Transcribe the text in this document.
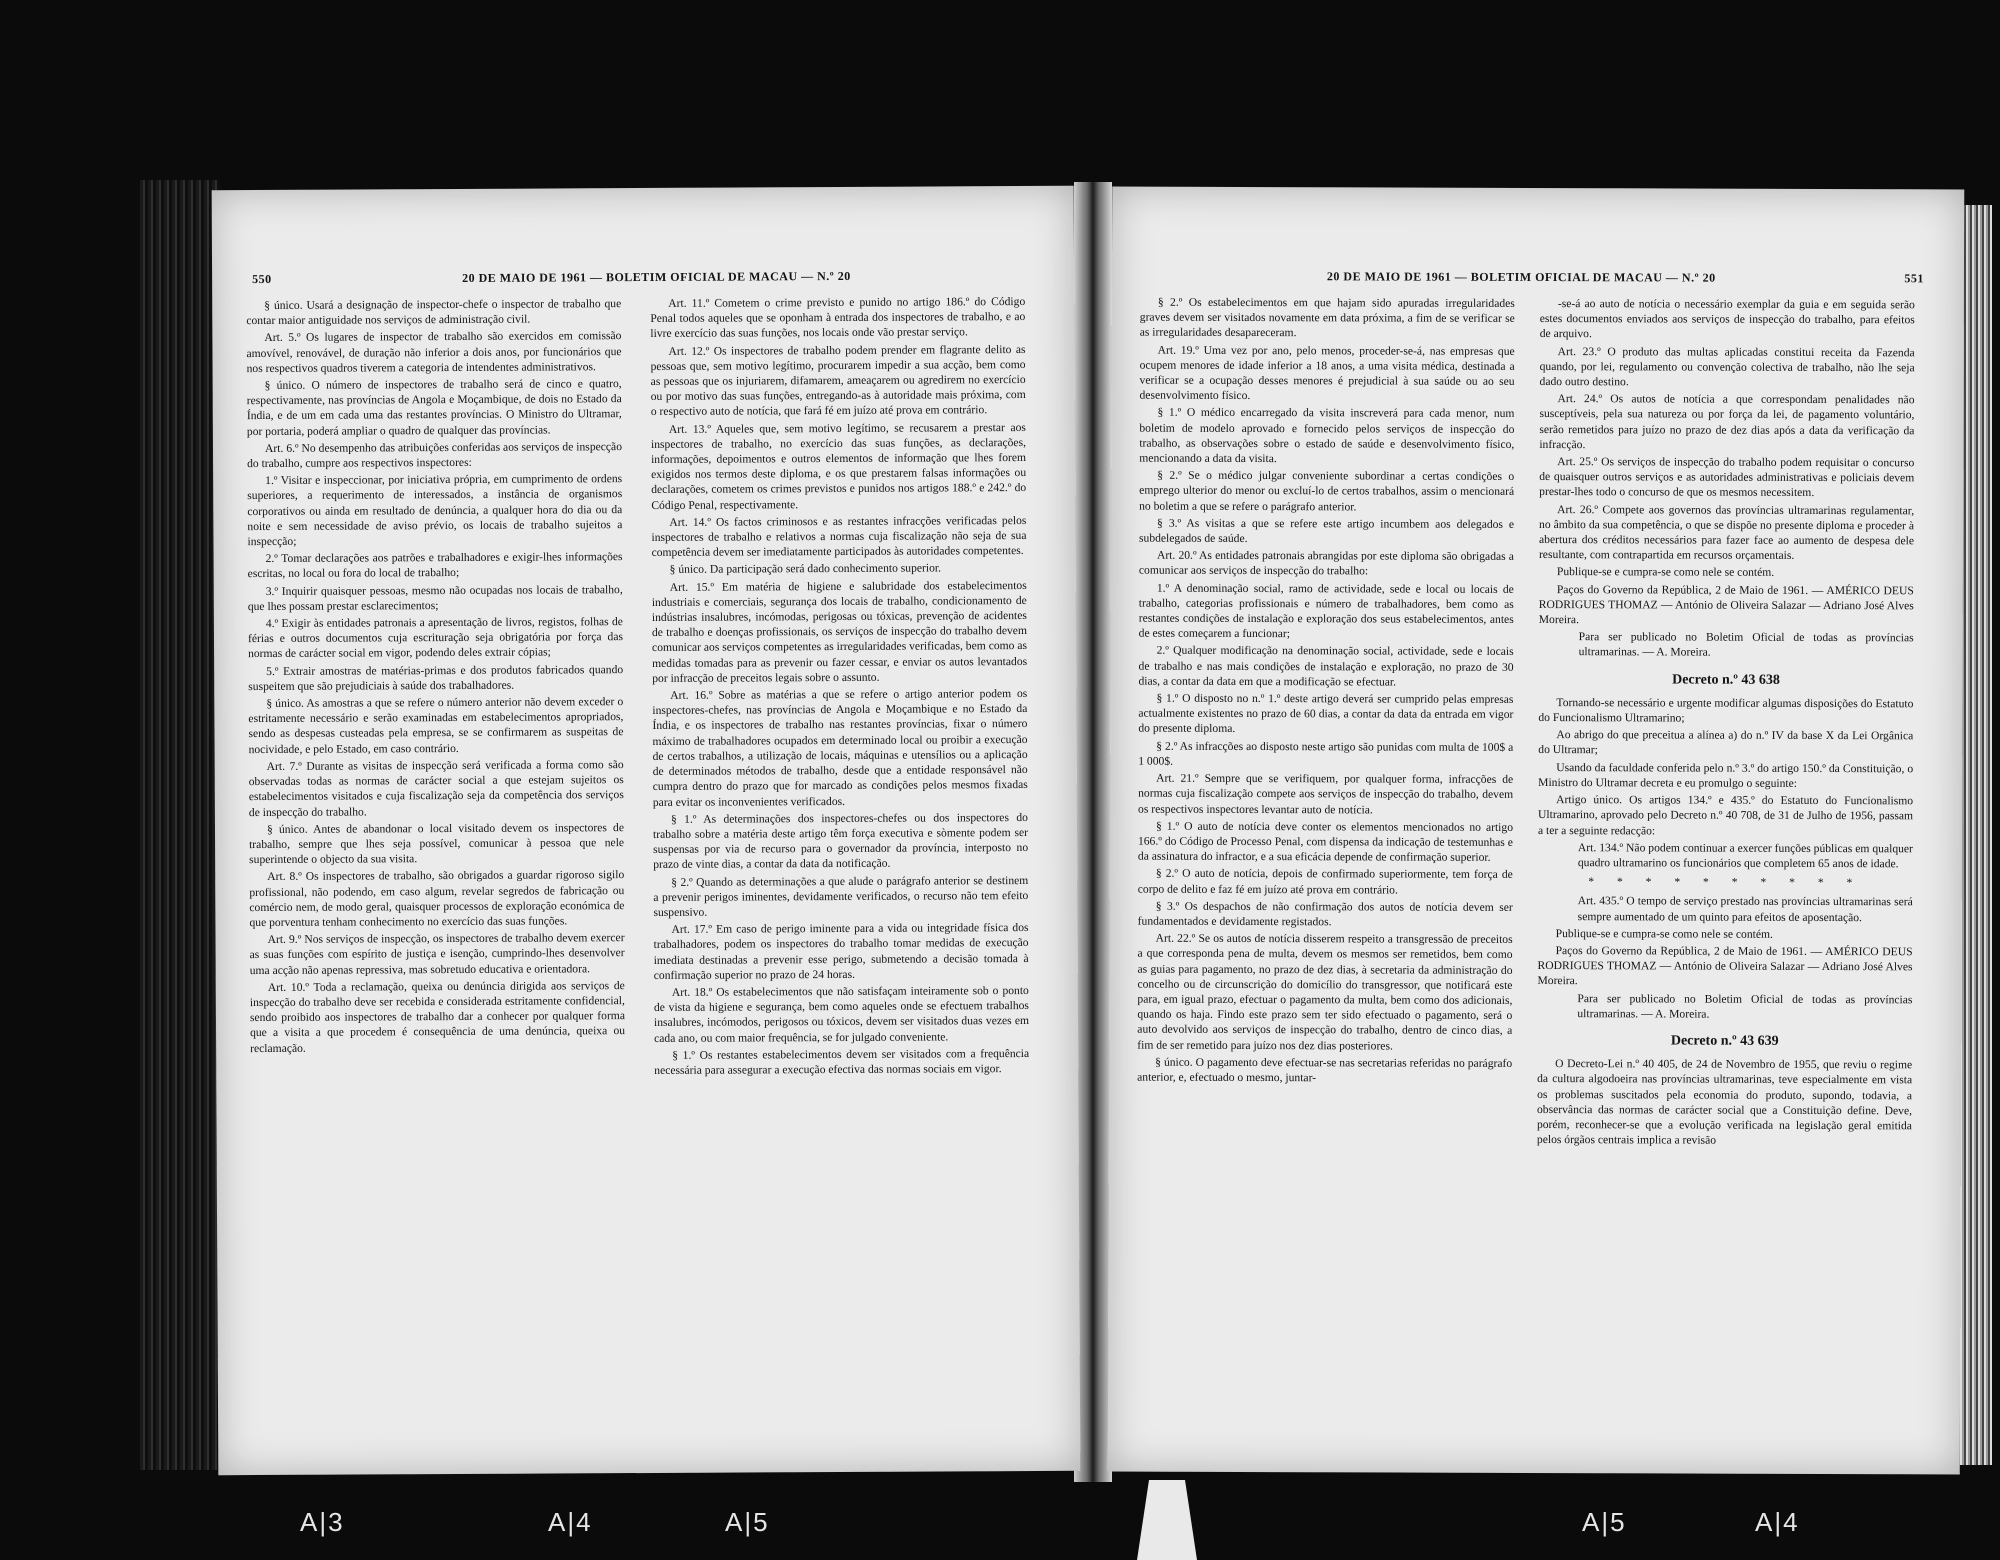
550	20 DE MAIO DE 1961 — BOLETIM OFICIAL DE MACAU — N.º 20

§ único. Usará a designação de inspector-chefe o inspector de trabalho que contar maior antiguidade nos serviços de administração civil.

Art. 5.º Os lugares de inspector de trabalho são exercidos em comissão amovível, renovável, de duração não inferior a dois anos, por funcionários que nos respectivos quadros tiverem a categoria de intendentes administrativos.

§ único. O número de inspectores de trabalho será de cinco e quatro, respectivamente, nas províncias de Angola e Moçambique, de dois no Estado da Índia, e de um em cada uma das restantes províncias. O Ministro do Ultramar, por portaria, poderá ampliar o quadro de qualquer das províncias.

Art. 6.º No desempenho das atribuições conferidas aos serviços de inspecção do trabalho, cumpre aos respectivos inspectores:

1.º Visitar e inspeccionar, por iniciativa própria, em cumprimento de ordens superiores, a requerimento de interessados, a instância de organismos corporativos ou ainda em resultado de denúncia, a qualquer hora do dia ou da noite e sem necessidade de aviso prévio, os locais de trabalho sujeitos a inspecção;

2.º Tomar declarações aos patrões e trabalhadores e exigir-lhes informações escritas, no local ou fora do local de trabalho;

3.º Inquirir quaisquer pessoas, mesmo não ocupadas nos locais de trabalho, que lhes possam prestar esclarecimentos;

4.º Exigir às entidades patronais a apresentação de livros, registos, folhas de férias e outros documentos cuja escrituração seja obrigatória por força das normas de carácter social em vigor, podendo deles extrair cópias;

5.º Extrair amostras de matérias-primas e dos produtos fabricados quando suspeitem que são prejudiciais à saúde dos trabalhadores.

§ único. As amostras a que se refere o número anterior não devem exceder o estritamente necessário e serão examinadas em estabelecimentos apropriados, sendo as despesas custeadas pela empresa, se se confirmarem as suspeitas de nocividade, e pelo Estado, em caso contrário.

Art. 7.º Durante as visitas de inspecção será verificada a forma como são observadas todas as normas de carácter social a que estejam sujeitos os estabelecimentos visitados e cuja fiscalização seja da competência dos serviços de inspecção do trabalho.

§ único. Antes de abandonar o local visitado devem os inspectores de trabalho, sempre que lhes seja possível, comunicar à pessoa que nele superintende o objecto da sua visita.

Art. 8.º Os inspectores de trabalho, são obrigados a guardar rigoroso sigilo profissional, não podendo, em caso algum, revelar segredos de fabricação ou comércio nem, de modo geral, quaisquer processos de exploração económica de que porventura tenham conhecimento no exercício das suas funções.

Art. 9.º Nos serviços de inspecção, os inspectores de trabalho devem exercer as suas funções com espírito de justiça e isenção, cumprindo-lhes desenvolver uma acção não apenas repressiva, mas sobretudo educativa e orientadora.

Art. 10.º Toda a reclamação, queixa ou denúncia dirigida aos serviços de inspecção do trabalho deve ser recebida e considerada estritamente confidencial, sendo proibido aos inspectores de trabalho dar a conhecer por qualquer forma que a visita a que procedem é consequência de uma denúncia, queixa ou reclamação.

Art. 11.º Cometem o crime previsto e punido no artigo 186.º do Código Penal todos aqueles que se oponham à entrada dos inspectores de trabalho, e ao livre exercício das suas funções, nos locais onde vão prestar serviço.

Art. 12.º Os inspectores de trabalho podem prender em flagrante delito as pessoas que, sem motivo legítimo, procurarem impedir a sua acção, bem como as pessoas que os injuriarem, difamarem, ameaçarem ou agredirem no exercício ou por motivo das suas funções, entregando-as à autoridade mais próxima, com o respectivo auto de notícia, que fará fé em juízo até prova em contrário.

Art. 13.º Aqueles que, sem motivo legítimo, se recusarem a prestar aos inspectores de trabalho, no exercício das suas funções, as declarações, informações, depoimentos e outros elementos de informação que lhes forem exigidos nos termos deste diploma, e os que prestarem falsas informações ou declarações, cometem os crimes previstos e punidos nos artigos 188.º e 242.º do Código Penal, respectivamente.

Art. 14.º Os factos criminosos e as restantes infracções verificadas pelos inspectores de trabalho e relativos a normas cuja fiscalização não seja de sua competência devem ser imediatamente participados às autoridades competentes.

§ único. Da participação será dado conhecimento superior.

Art. 15.º Em matéria de higiene e salubridade dos estabelecimentos industriais e comerciais, segurança dos locais de trabalho, condicionamento de indústrias insalubres, incómodas, perigosas ou tóxicas, prevenção de acidentes de trabalho e doenças profissionais, os serviços de inspecção do trabalho devem comunicar aos serviços competentes as irregularidades verificadas, bem como as medidas tomadas para as prevenir ou fazer cessar, e enviar os autos levantados por infracção de preceitos legais sobre o assunto.

Art. 16.º Sobre as matérias a que se refere o artigo anterior podem os inspectores-chefes, nas províncias de Angola e Moçambique e no Estado da Índia, e os inspectores de trabalho nas restantes províncias, fixar o número máximo de trabalhadores ocupados em determinado local ou proibir a execução de certos trabalhos, a utilização de locais, máquinas e utensílios ou a aplicação de determinados métodos de trabalho, desde que a entidade responsável não cumpra dentro do prazo que for marcado as condições pelos mesmos fixadas para evitar os inconvenientes verificados.

§ 1.º As determinações dos inspectores-chefes ou dos inspectores do trabalho sobre a matéria deste artigo têm força executiva e sòmente podem ser suspensas por via de recurso para o governador da província, interposto no prazo de vinte dias, a contar da data da notificação.

§ 2.º Quando as determinações a que alude o parágrafo anterior se destinem a prevenir perigos iminentes, devidamente verificados, o recurso não tem efeito suspensivo.

Art. 17.º Em caso de perigo iminente para a vida ou integridade física dos trabalhadores, podem os inspectores do trabalho tomar medidas de execução imediata destinadas a prevenir esse perigo, submetendo a decisão tomada à confirmação superior no prazo de 24 horas.

Art. 18.º Os estabelecimentos que não satisfaçam inteiramente sob o ponto de vista da higiene e segurança, bem como aqueles onde se efectuem trabalhos insalubres, incómodos, perigosos ou tóxicos, devem ser visitados duas vezes em cada ano, ou com maior frequência, se for julgado conveniente.

§ 1.º Os restantes estabelecimentos devem ser visitados com a frequência necessária para assegurar a execução efectiva das normas sociais em vigor.

20 DE MAIO DE 1961 — BOLETIM OFICIAL DE MACAU — N.º 20	551

§ 2.º Os estabelecimentos em que hajam sido apuradas irregularidades graves devem ser visitados novamente em data próxima, a fim de se verificar se as irregularidades desapareceram.

Art. 19.º Uma vez por ano, pelo menos, proceder-se-á, nas empresas que ocupem menores de idade inferior a 18 anos, a uma visita médica, destinada a verificar se a ocupação desses menores é prejudicial à sua saúde ou ao seu desenvolvimento físico.

§ 1.º O médico encarregado da visita inscreverá para cada menor, num boletim de modelo aprovado e fornecido pelos serviços de inspecção do trabalho, as observações sobre o estado de saúde e desenvolvimento físico, mencionando a data da visita.

§ 2.º Se o médico julgar conveniente subordinar a certas condições o emprego ulterior do menor ou excluí-lo de certos trabalhos, assim o mencionará no boletim a que se refere o parágrafo anterior.

§ 3.º As visitas a que se refere este artigo incumbem aos delegados e subdelegados de saúde.

Art. 20.º As entidades patronais abrangidas por este diploma são obrigadas a comunicar aos serviços de inspecção do trabalho:

1.º A denominação social, ramo de actividade, sede e local ou locais de trabalho, categorias profissionais e número de trabalhadores, bem como as restantes condições de instalação e exploração dos seus estabelecimentos, antes de estes começarem a funcionar;

2.º Qualquer modificação na denominação social, actividade, sede e locais de trabalho e nas mais condições de instalação e exploração, no prazo de 30 dias, a contar da data em que a modificação se efectuar.

§ 1.º O disposto no n.º 1.º deste artigo deverá ser cumprido pelas empresas actualmente existentes no prazo de 60 dias, a contar da data da entrada em vigor do presente diploma.

§ 2.º As infracções ao disposto neste artigo são punidas com multa de 100$ a 1 000$.

Art. 21.º Sempre que se verifiquem, por qualquer forma, infracções de normas cuja fiscalização compete aos serviços de inspecção do trabalho, devem os respectivos inspectores levantar auto de notícia.

§ 1.º O auto de notícia deve conter os elementos mencionados no artigo 166.º do Código de Processo Penal, com dispensa da indicação de testemunhas e da assinatura do infractor, e a sua eficácia depende de confirmação superior.

§ 2.º O auto de notícia, depois de confirmado superiormente, tem força de corpo de delito e faz fé em juízo até prova em contrário.

§ 3.º Os despachos de não confirmação dos autos de notícia devem ser fundamentados e devidamente registados.

Art. 22.º Se os autos de notícia disserem respeito a transgressão de preceitos a que corresponda pena de multa, devem os mesmos ser remetidos, bem como as guias para pagamento, no prazo de dez dias, à secretaria da administração do concelho ou de circunscrição do domicílio do transgressor, que notificará este para, em igual prazo, efectuar o pagamento da multa, bem como dos adicionais, quando os haja. Findo este prazo sem ter sido efectuado o pagamento, será o auto devolvido aos serviços de inspecção do trabalho, dentro de cinco dias, a fim de ser remetido para juízo nos dez dias posteriores.

§ único. O pagamento deve efectuar-se nas secretarias referidas no parágrafo anterior, e, efectuado o mesmo, juntar-

-se-á ao auto de notícia o necessário exemplar da guia e em seguida serão estes documentos enviados aos serviços de inspecção do trabalho, para efeitos de arquivo.

Art. 23.º O produto das multas aplicadas constitui receita da Fazenda quando, por lei, regulamento ou convenção colectiva de trabalho, não lhe seja dado outro destino.

Art. 24.º Os autos de notícia a que correspondam penalidades não susceptíveis, pela sua natureza ou por força da lei, de pagamento voluntário, serão remetidos para juízo no prazo de dez dias após a data da verificação da infracção.

Art. 25.º Os serviços de inspecção do trabalho podem requisitar o concurso de quaisquer outros serviços e as autoridades administrativas e policiais devem prestar-lhes todo o concurso de que os mesmos necessitem.

Art. 26.º Compete aos governos das províncias ultramarinas regulamentar, no âmbito da sua competência, o que se dispõe no presente diploma e proceder à abertura dos créditos necessários para fazer face ao aumento de despesa dele resultante, com contrapartida em recursos orçamentais.

Publique-se e cumpra-se como nele se contém.

Paços do Governo da República, 2 de Maio de 1961. — AMÉRICO DEUS RODRIGUES THOMAZ — António de Oliveira Salazar — Adriano José Alves Moreira.

Para ser publicado no Boletim Oficial de todas as províncias ultramarinas. — A. Moreira.

Decreto n.º 43 638

Tornando-se necessário e urgente modificar algumas disposições do Estatuto do Funcionalismo Ultramarino;

Ao abrigo do que preceitua a alínea a) do n.º IV da base X da Lei Orgânica do Ultramar;

Usando da faculdade conferida pelo n.º 3.º do artigo 150.º da Constituição, o Ministro do Ultramar decreta e eu promulgo o seguinte:

Artigo único. Os artigos 134.º e 435.º do Estatuto do Funcionalismo Ultramarino, aprovado pelo Decreto n.º 40 708, de 31 de Julho de 1956, passam a ter a seguinte redacção:

Art. 134.º Não podem continuar a exercer funções públicas em qualquer quadro ultramarino os funcionários que completem 65 anos de idade.

* * * * * * * * * *

Art. 435.º O tempo de serviço prestado nas províncias ultramarinas será sempre aumentado de um quinto para efeitos de aposentação.

Publique-se e cumpra-se como nele se contém.

Paços do Governo da República, 2 de Maio de 1961. — AMÉRICO DEUS RODRIGUES THOMAZ — António de Oliveira Salazar — Adriano José Alves Moreira.

Para ser publicado no Boletim Oficial de todas as províncias ultramarinas. — A. Moreira.

Decreto n.º 43 639

O Decreto-Lei n.º 40 405, de 24 de Novembro de 1955, que reviu o regime da cultura algodoeira nas províncias ultramarinas, teve especialmente em vista os problemas suscitados pela economia do produto, supondo, todavia, a observância das normas de carácter social que a Constituição define. Deve, porém, reconhecer-se que a evolução verificada na legislação geral emitida pelos órgãos centrais implica a revisão

A|3	A|4	A|5	A|5	A|4
